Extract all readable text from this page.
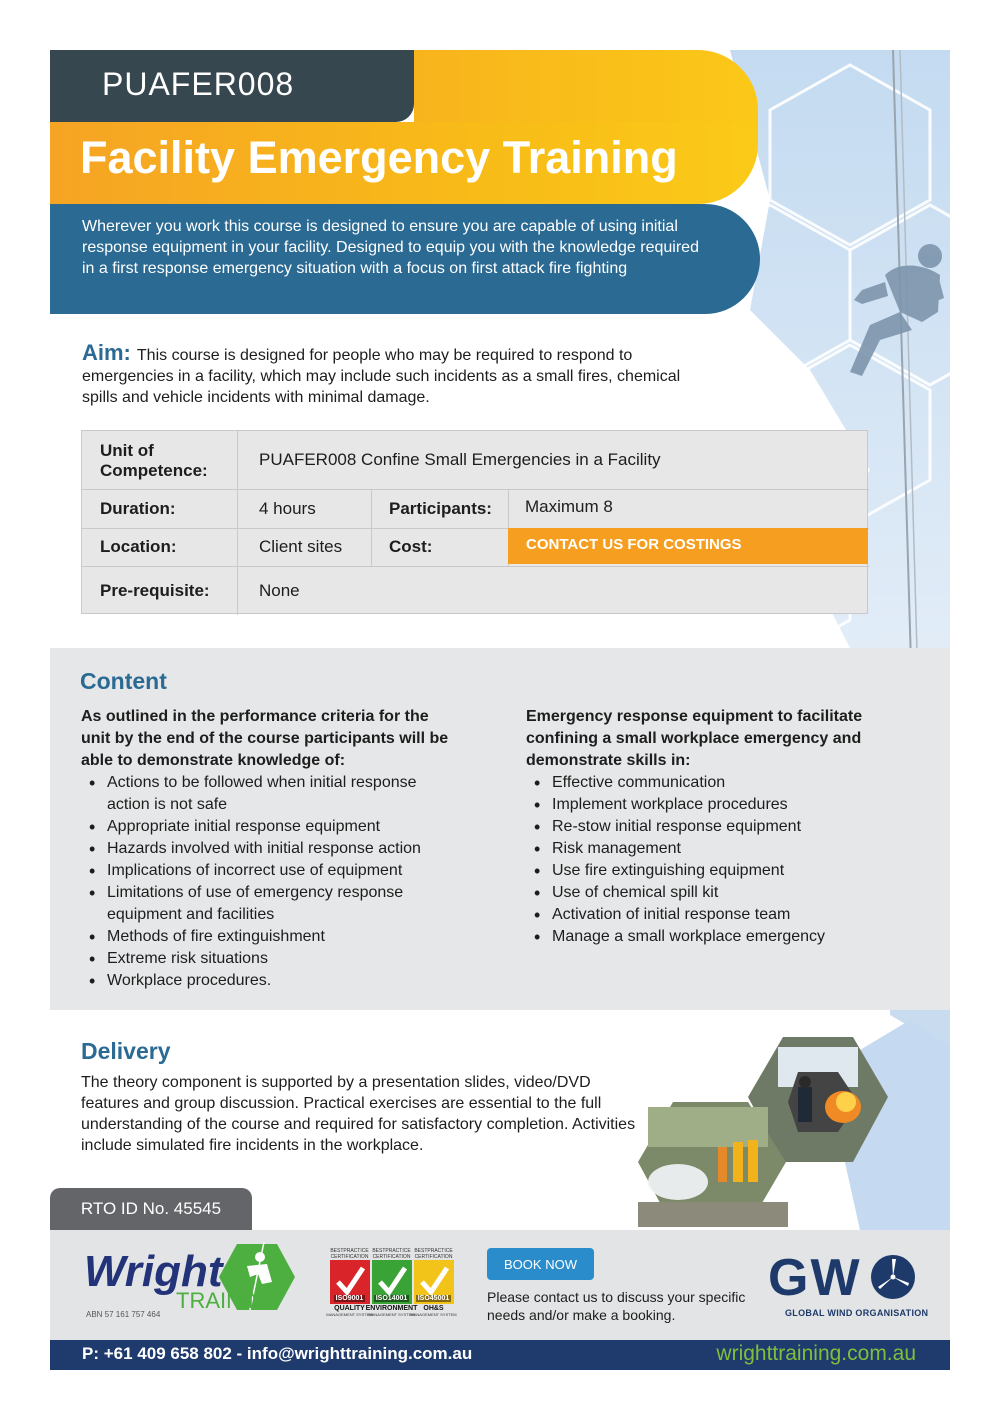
PUAFER008
Facility Emergency Training

Wherever you work this course is designed to ensure you are capable of using initial response equipment in your facility. Designed to equip you with the knowledge required in a first response emergency situation with a focus on first attack fire fighting

Aim: This course is designed for people who may be required to respond to emergencies in a facility, which may include such incidents as a small fires, chemical spills and vehicle incidents with minimal damage.

Unit of Competence:
PUAFER008 Confine Small Emergencies in a Facility
Duration:	4 hours	Participants: Maximum 8
Location:	Client sites	Cost:	CONTACT US FOR COSTINGS
Pre-requisite:	None
Content

As outlined in the performance criteria for the unit by the end of the course participants will be able to demonstrate knowledge of:

• Actions to be followed when initial response action is not safe
• Appropriate initial response equipment
• Hazards involved with initial response action
• Implications of incorrect use of equipment
• Limitations of use of emergency response equipment and facilities
• Methods of fire extinguishment
• Extreme risk situations
• Workplace procedures.

Emergency response equipment to facilitate confining a small workplace emergency and demonstrate skills in:

• Effective communication
• Implement workplace procedures
• Re-stow initial response equipment
• Risk management
• Use fire extinguishing equipment
• Use of chemical spill kit
• Activation of initial response team
• Manage a small workplace emergency
Delivery

The theory component is supported by a presentation slides, video/DVD features and group discussion. Practical exercises are essential to the full understanding of the course and required for satisfactory completion. Activities include simulated fire incidents in the workplace.

RTO ID No. 45545
Wright
TRAINING
ABN 57 161 757 464
BESTPRACTICE CERTIFICATION
ISO9001
QUALITY
MANAGEMENT SYSTEM
BESTPRACTICE CERTIFICATION
ISO14001
ENVIRONMENT
MANAGEMENT SYSTEM
BESTPRACTICE CERTIFICATION
ISO45001
OH&S
MANAGEMENT SYSTEM
BOOK NOW

Please contact us to discuss your specific needs and/or make a booking.

GW
GLOBAL WIND ORGANISATION
P: +61 409 658 802 - info@wrighttraining.com.au	wrighttraining.com.au
